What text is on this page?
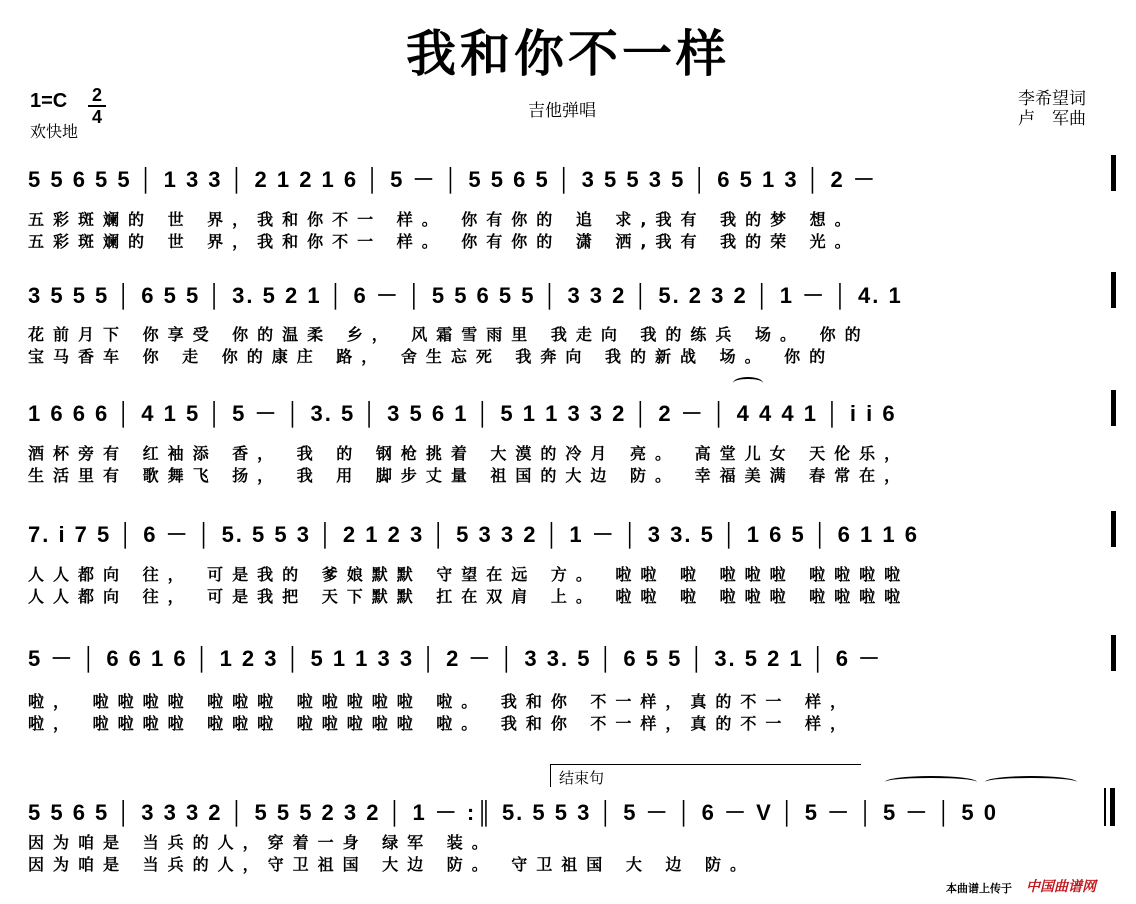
我和你不一样
1=C 2
4
欢快地
吉他弹唱
李希望词
卢　军曲
5 5 6 5 5 │ 1 3 3 │ 2 1 2 1 6 │ 5 － │ 5 5 6 5 │ 3 5 5 3 5 │ 6 5 1 3 │ 2 －
五彩斑斓的 世 界，我和你不一 样。 你有你的 追 求,我有 我的梦 想。
五彩斑斓的 世 界，我和你不一 样。 你有你的 潇 洒,我有 我的荣 光。
3 5 5 5 │ 6 5 5 │ 3. 5 2 1 │ 6 － │ 5 5 6 5 5 │ 3 3 2 │ 5. 2 3 2 │ 1 － │ 4. 1
花前月下 你享受 你的温柔 乡， 风霜雪雨里 我走向 我的练兵 场。 你的
宝马香车 你 走 你的康庄 路， 舍生忘死 我奔向 我的新战 场。 你的
1 6 6 6 │ 4 1 5 │ 5 － │ 3. 5 │ 3 5 6 1 │ 5 1 1 3 3 2 │ 2 － │ 4 4 4 1 │ i i 6
酒杯旁有 红袖添 香， 我 的 钢枪挑着 大漠的冷月 亮。 高堂儿女 天伦乐，
生活里有 歌舞飞 扬， 我 用 脚步丈量 祖国的大边 防。 幸福美满 春常在，
7. i 7 5 │ 6 － │ 5. 5 5 3 │ 2 1 2 3 │ 5 3 3 2 │ 1 － │ 3 3. 5 │ 1 6 5 │ 6 1 1 6
人人都向 往， 可是我的 爹娘默默 守望在远 方。 啦啦 啦 啦啦啦 啦啦啦啦
人人都向 往， 可是我把 天下默默 扛在双肩 上。 啦啦 啦 啦啦啦 啦啦啦啦
5 － │ 6 6 1 6 │ 1 2 3 │ 5 1 1 3 3 │ 2 － │ 3 3. 5 │ 6 5 5 │ 3. 5 2 1 │ 6 －
啦， 啦啦啦啦 啦啦啦 啦啦啦啦啦 啦。 我和你 不一样，真的不一 样，
啦， 啦啦啦啦 啦啦啦 啦啦啦啦啦 啦。 我和你 不一样，真的不一 样，
结束句
5 5 6 5 │ 3 3 3 2 │ 5 5 5 2 3 2 │ 1 － :║ 5. 5 5 3 │ 5 － │ 6 － V │ 5 － │ 5 － │ 5 0
因为咱是 当兵的人，穿着一身 绿军 装。
因为咱是 当兵的人，守卫祖国 大边 防。 守卫祖国 大 边 防。
本曲谱上传于 中国曲谱网
